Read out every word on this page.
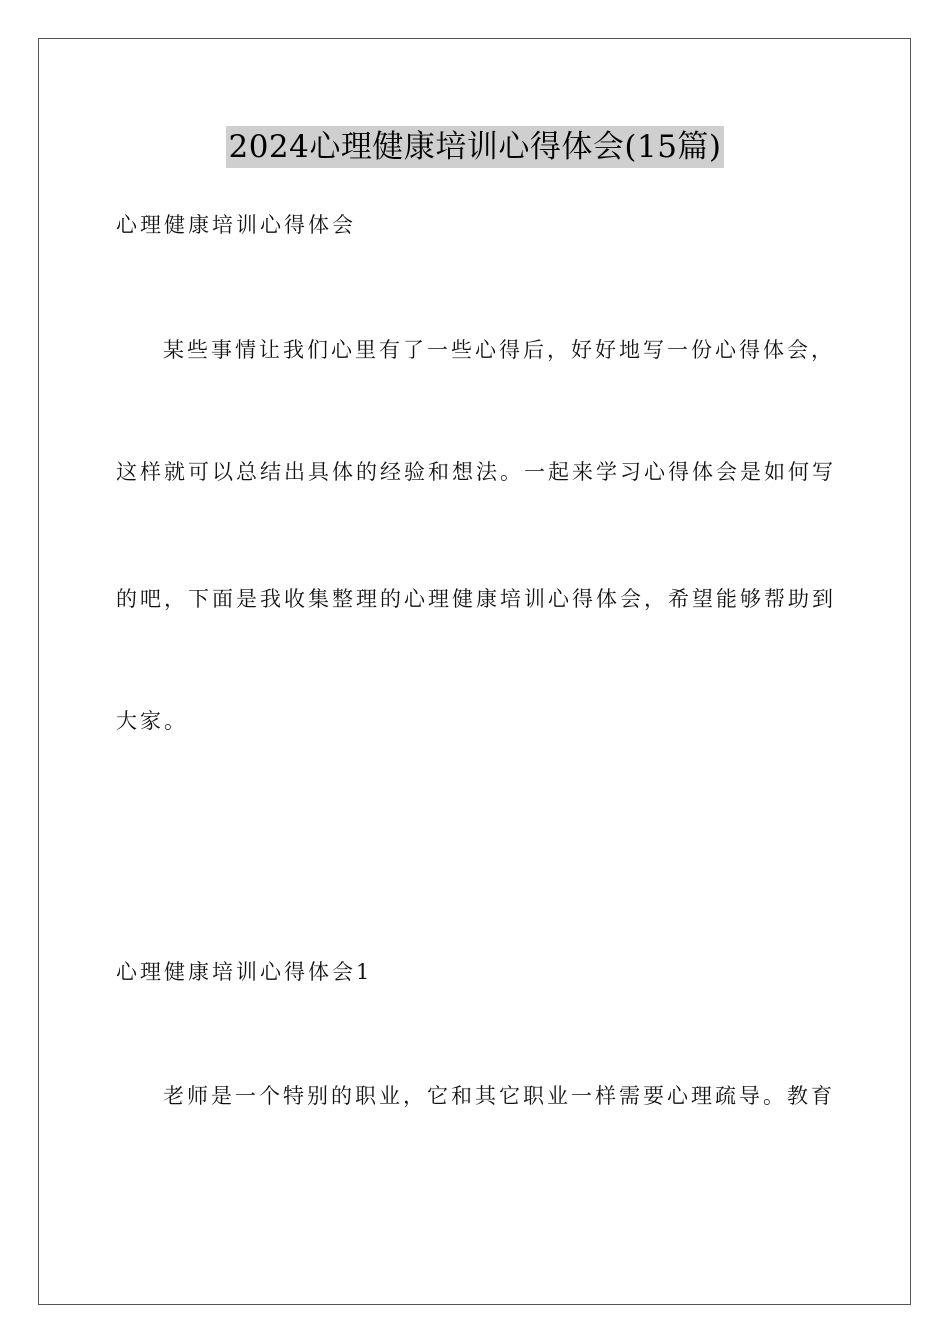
2024心理健康培训心得体会(15篇)
心理健康培训心得体会
某些事情让我们心里有了一些心得后，好好地写一份心得体会，
这样就可以总结出具体的经验和想法。一起来学习心得体会是如何写
的吧，下面是我收集整理的心理健康培训心得体会，希望能够帮助到
大家。
心理健康培训心得体会1
老师是一个特别的职业，它和其它职业一样需要心理疏导。教育
